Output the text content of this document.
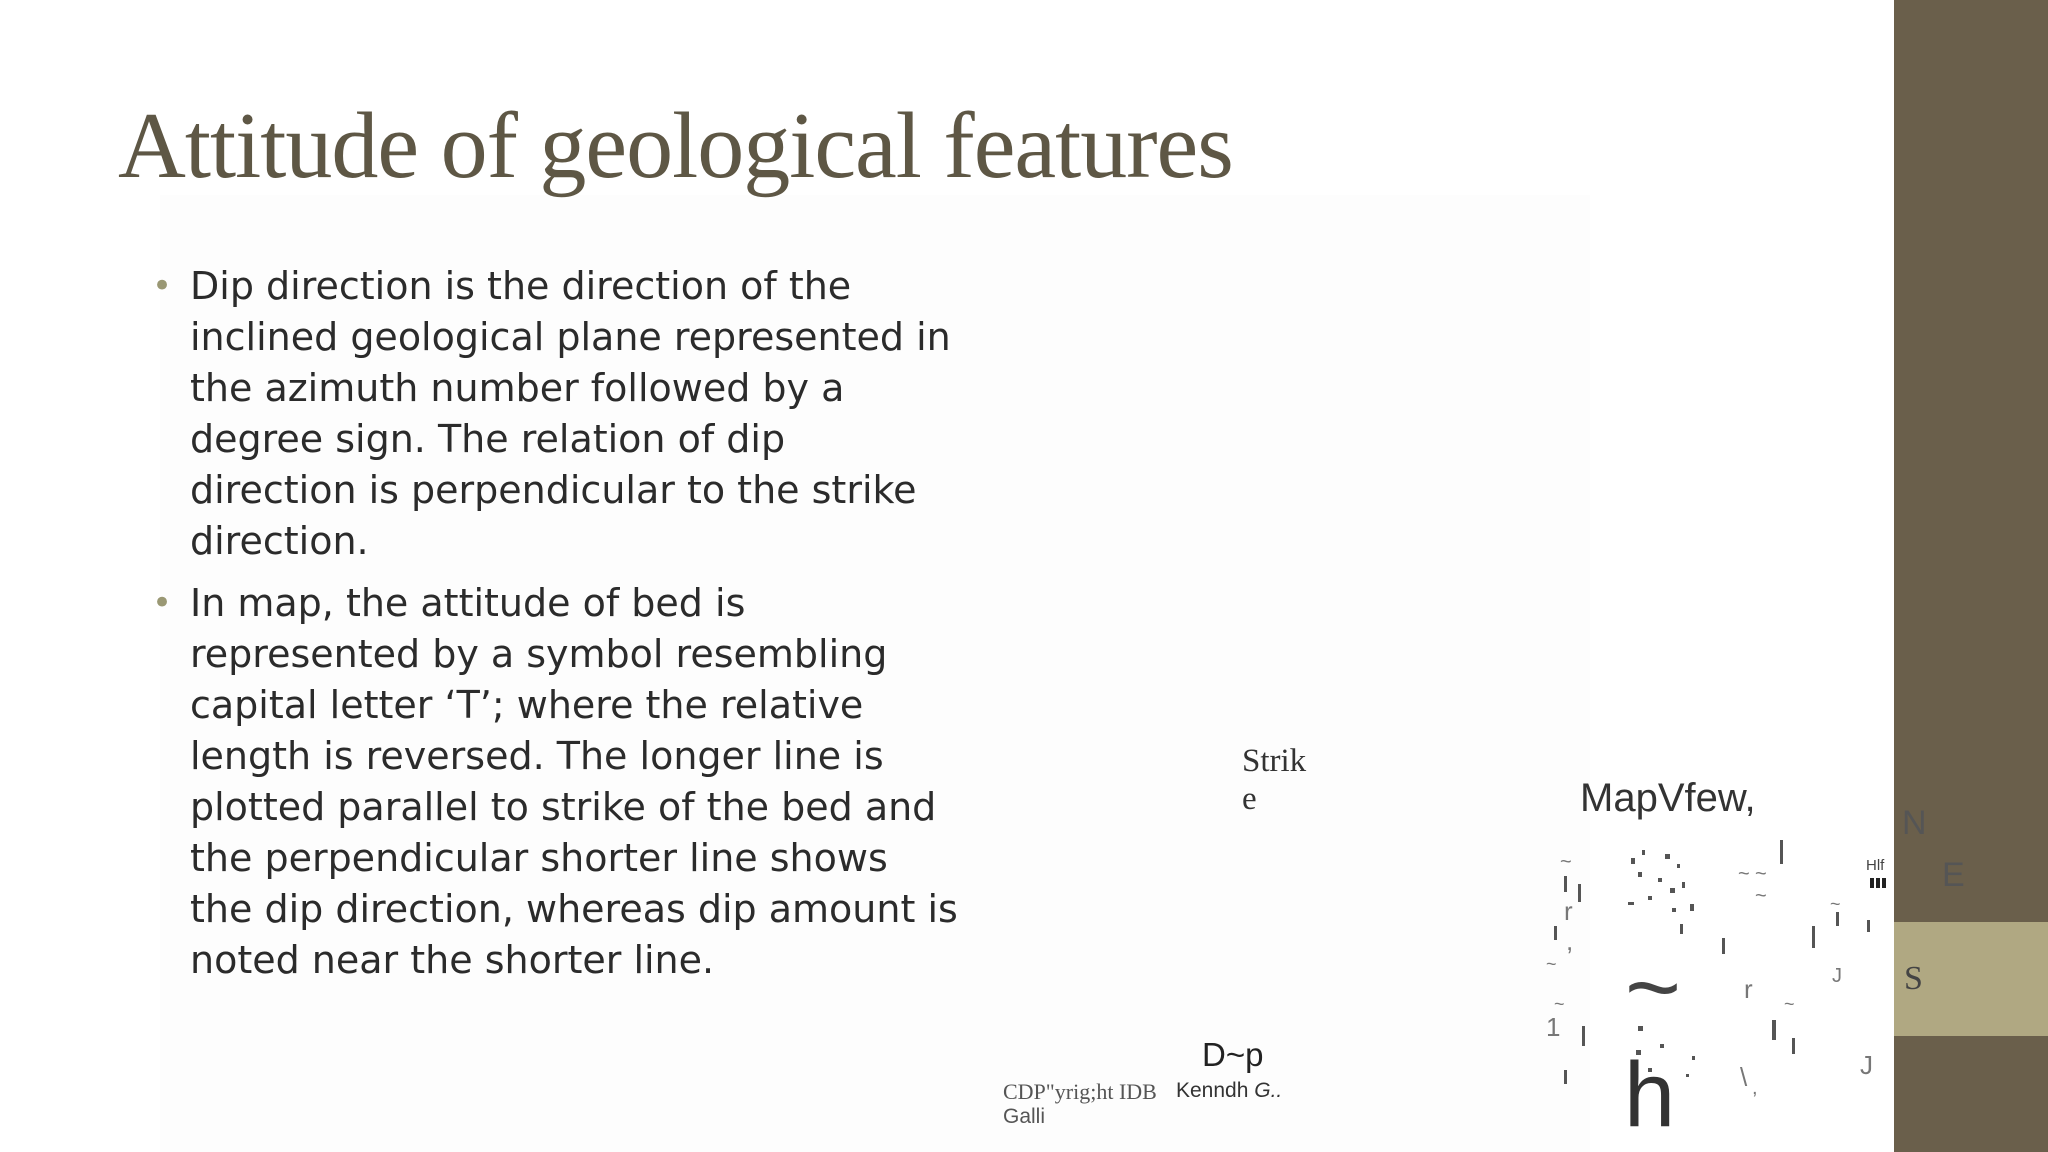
Attitude of geological features
• Dip direction is the direction of the inclined geological plane represented in the azimuth number followed by a degree sign. The relation of dip direction is perpendicular to the strike direction.
• In map, the attitude of bed is represented by a symbol resembling capital letter ‘T’; where the relative length is reversed. The longer line is plotted parallel to strike of the bed and the perpendicular shorter line shows the dip direction, whereas dip amount is noted near the shorter line.
Strik
e
D~p
CDP"yrig;ht IDB Kenndh G..
Galli
MapVfew,
N
E
S
Hlf
r
,
r
1
J
J
\ ,
~
~ ~
~	~
~
~	~
~
h
